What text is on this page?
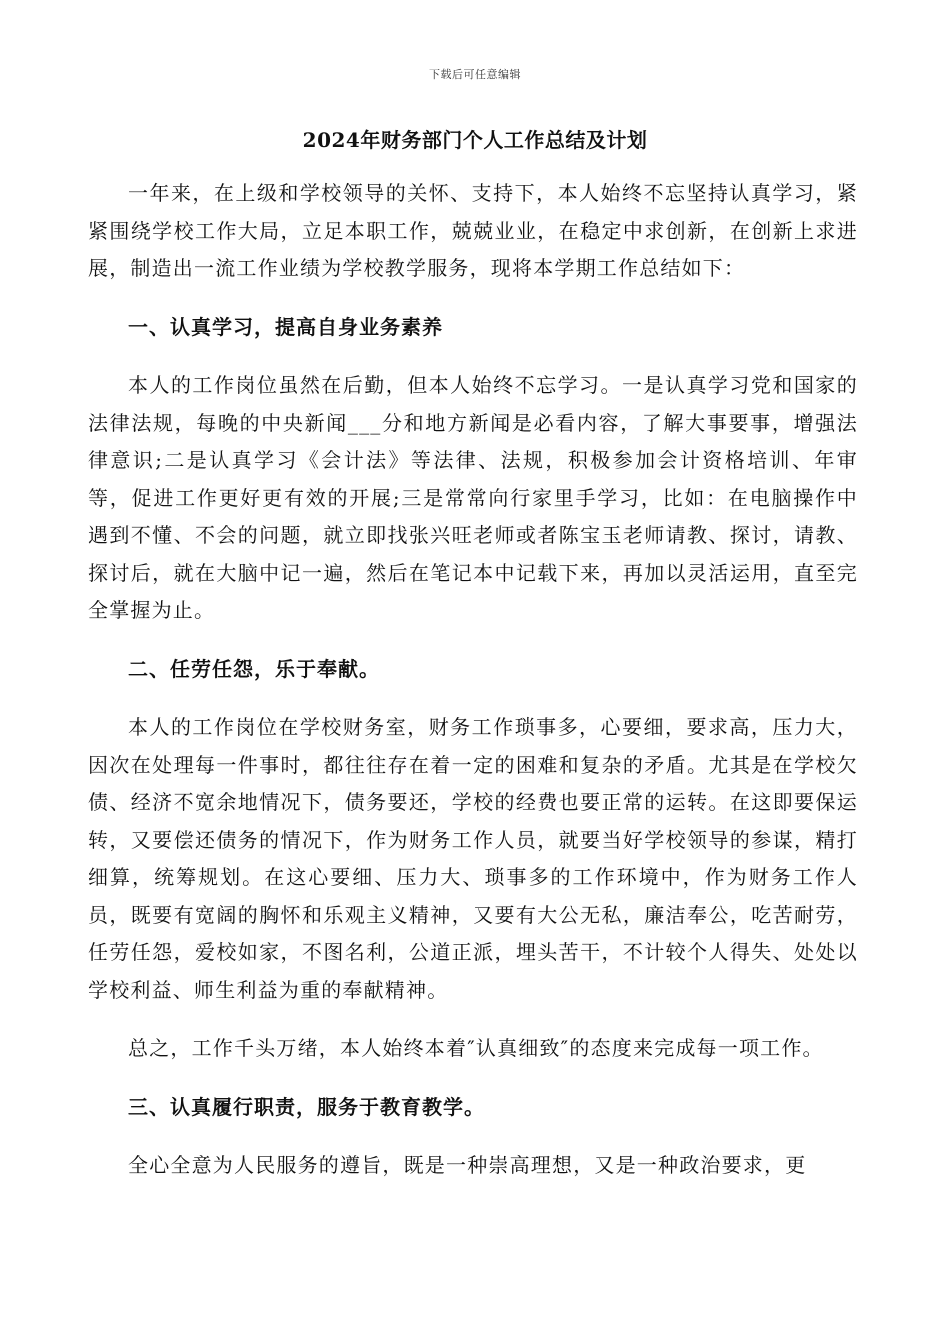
下载后可任意编辑
2024年财务部门个人工作总结及计划

一年来，在上级和学校领导的关怀、支持下，本人始终不忘坚持认真学习，紧紧围绕学校工作大局，立足本职工作，兢兢业业，在稳定中求创新，在创新上求进展，制造出一流工作业绩为学校教学服务，现将本学期工作总结如下：

一、认真学习，提高自身业务素养

本人的工作岗位虽然在后勤，但本人始终不忘学习。一是认真学习党和国家的法律法规，每晚的中央新闻___分和地方新闻是必看内容，了解大事要事，增强法律意识;二是认真学习《会计法》等法律、法规，积极参加会计资格培训、年审等，促进工作更好更有效的开展;三是常常向行家里手学习，比如：在电脑操作中遇到不懂、不会的问题，就立即找张兴旺老师或者陈宝玉老师请教、探讨，请教、探讨后，就在大脑中记一遍，然后在笔记本中记载下来，再加以灵活运用，直至完全掌握为止。

二、任劳任怨，乐于奉献。

本人的工作岗位在学校财务室，财务工作琐事多，心要细，要求高，压力大，因次在处理每一件事时，都往往存在着一定的困难和复杂的矛盾。尤其是在学校欠债、经济不宽余地情况下，债务要还，学校的经费也要正常的运转。在这即要保运转，又要偿还债务的情况下，作为财务工作人员，就要当好学校领导的参谋，精打细算，统筹规划。在这心要细、压力大、琐事多的工作环境中，作为财务工作人员，既要有宽阔的胸怀和乐观主义精神，又要有大公无私，廉洁奉公，吃苦耐劳，任劳任怨，爱校如家，不图名利，公道正派，埋头苦干，不计较个人得失、处处以学校利益、师生利益为重的奉献精神。

总之，工作千头万绪，本人始终本着″认真细致″的态度来完成每一项工作。

三、认真履行职责，服务于教育教学。

全心全意为人民服务的遵旨，既是一种崇高理想，又是一种政治要求，更
